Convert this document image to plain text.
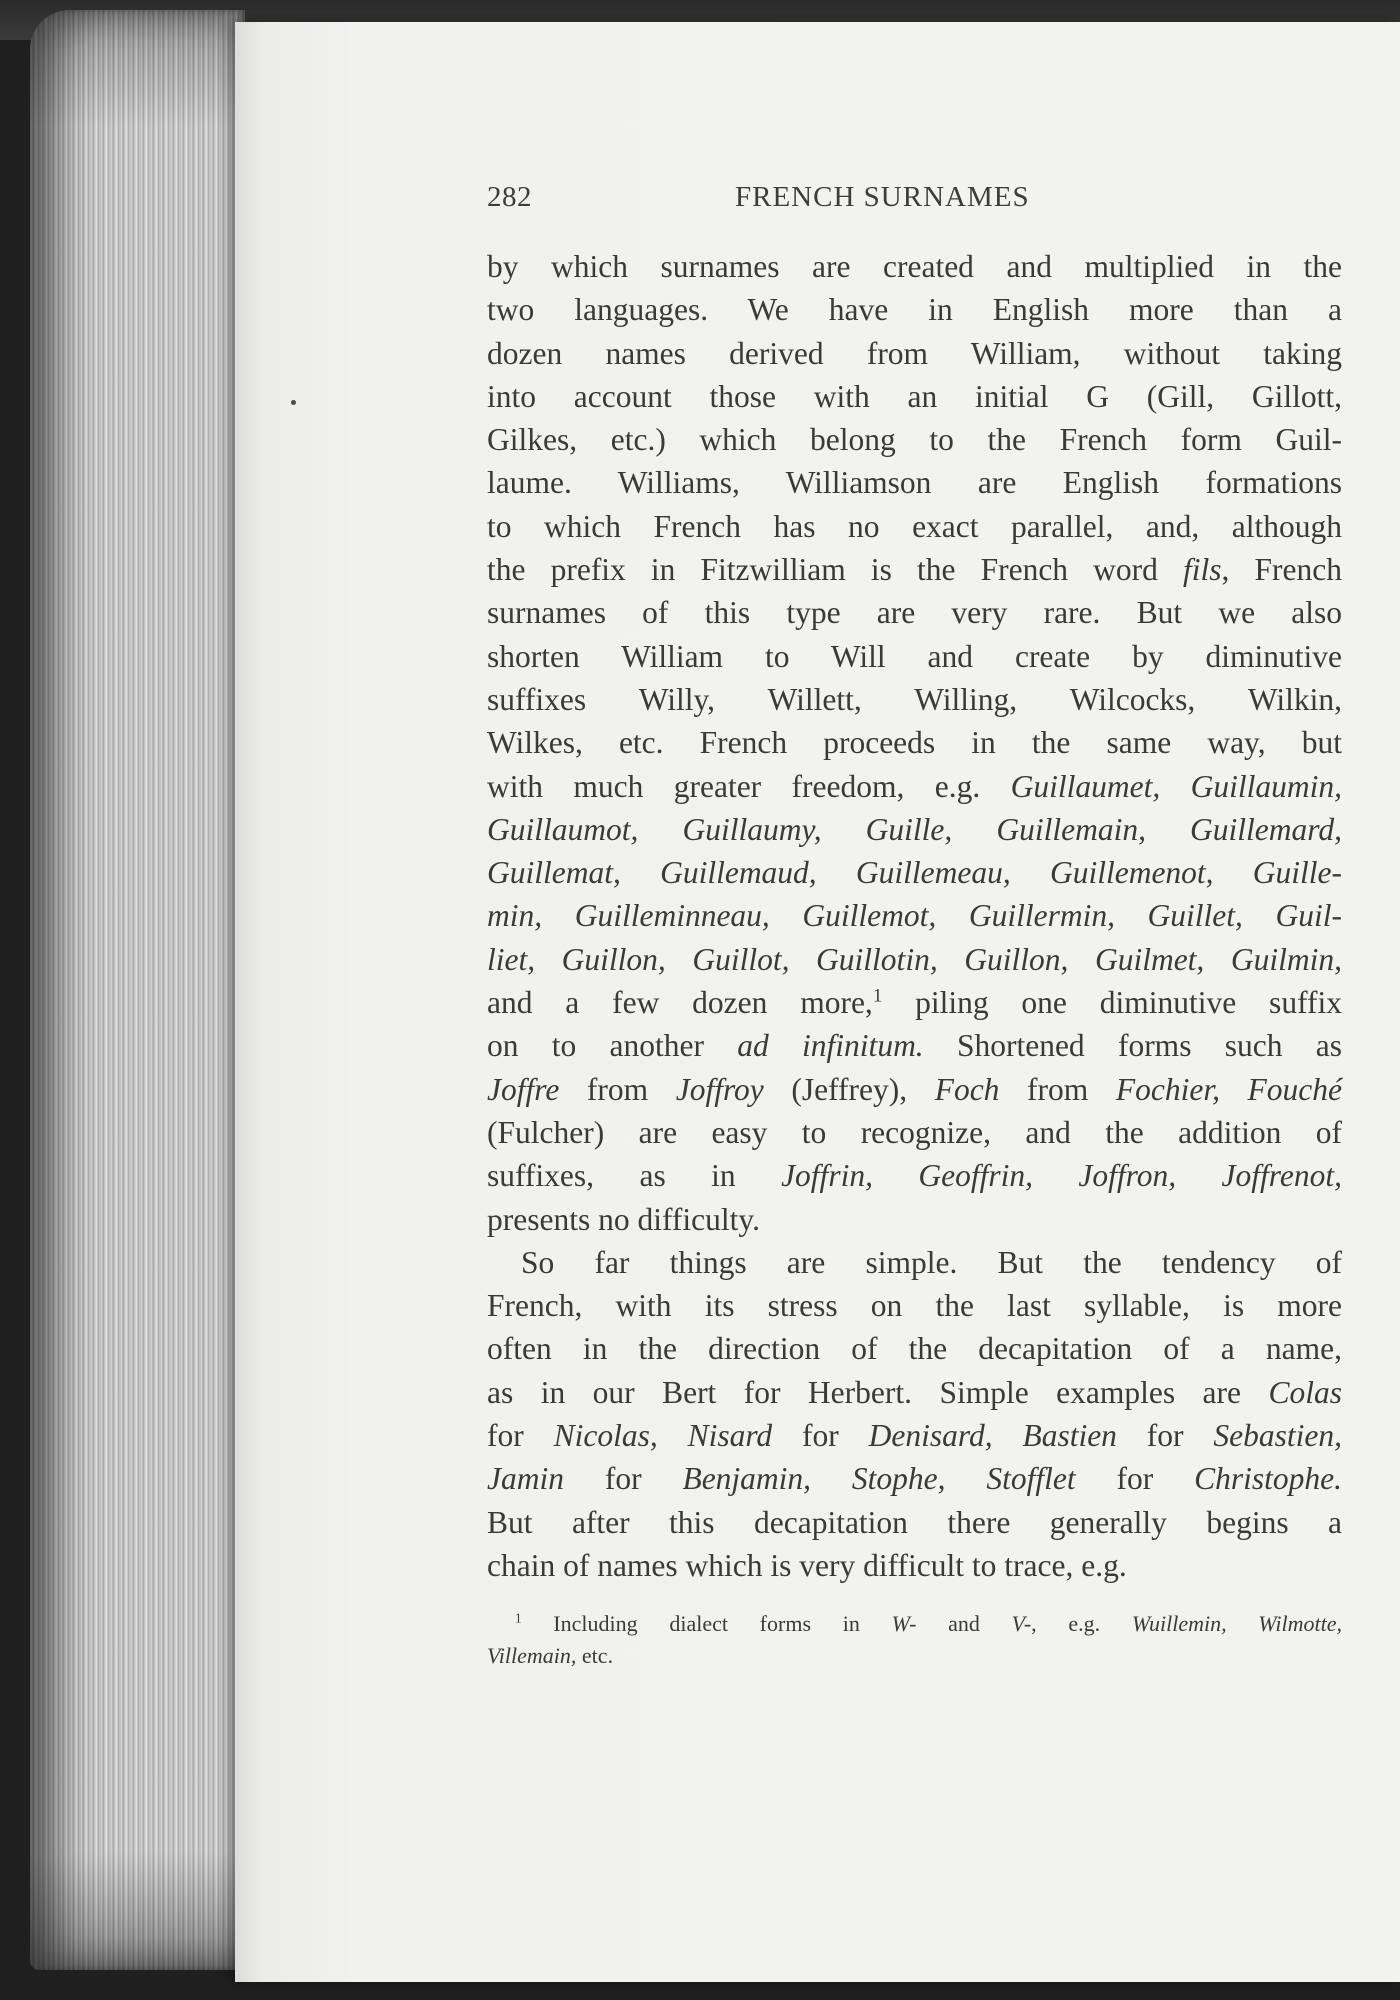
282	FRENCH SURNAMES
by which surnames are created and multiplied in the
two languages. We have in English more than a
dozen names derived from William, without taking
into account those with an initial G (Gill, Gillott,
Gilkes, etc.) which belong to the French form Guil-
laume. Williams, Williamson are English formations
to which French has no exact parallel, and, although
the prefix in Fitzwilliam is the French word fils, French
surnames of this type are very rare. But we also
shorten William to Will and create by diminutive
suffixes Willy, Willett, Willing, Wilcocks, Wilkin,
Wilkes, etc. French proceeds in the same way, but
with much greater freedom, e.g. Guillaumet, Guillaumin,
Guillaumot, Guillaumy, Guille, Guillemain, Guillemard,
Guillemat, Guillemaud, Guillemeau, Guillemenot, Guille-
min, Guilleminneau, Guillemot, Guillermin, Guillet, Guil-
liet, Guillon, Guillot, Guillotin, Guillon, Guilmet, Guilmin,
and a few dozen more,$^1$ piling one diminutive suffix
on to another ad infinitum. Shortened forms such as
Joffre from Joffroy (Jeffrey), Foch from Fochier, Fouché
(Fulcher) are easy to recognize, and the addition of
suffixes, as in Joffrin, Geoffrin, Joffron, Joffrenot,
presents no difficulty.
So far things are simple. But the tendency of
French, with its stress on the last syllable, is more
often in the direction of the decapitation of a name,
as in our Bert for Herbert. Simple examples are Colas
for Nicolas, Nisard for Denisard, Bastien for Sebastien,
Jamin for Benjamin, Stophe, Stofflet for Christophe.
But after this decapitation there generally begins a
chain of names which is very difficult to trace, e.g.
$^1$ Including dialect forms in W- and V-, e.g. Wuillemin, Wilmotte,
Villemain, etc.
